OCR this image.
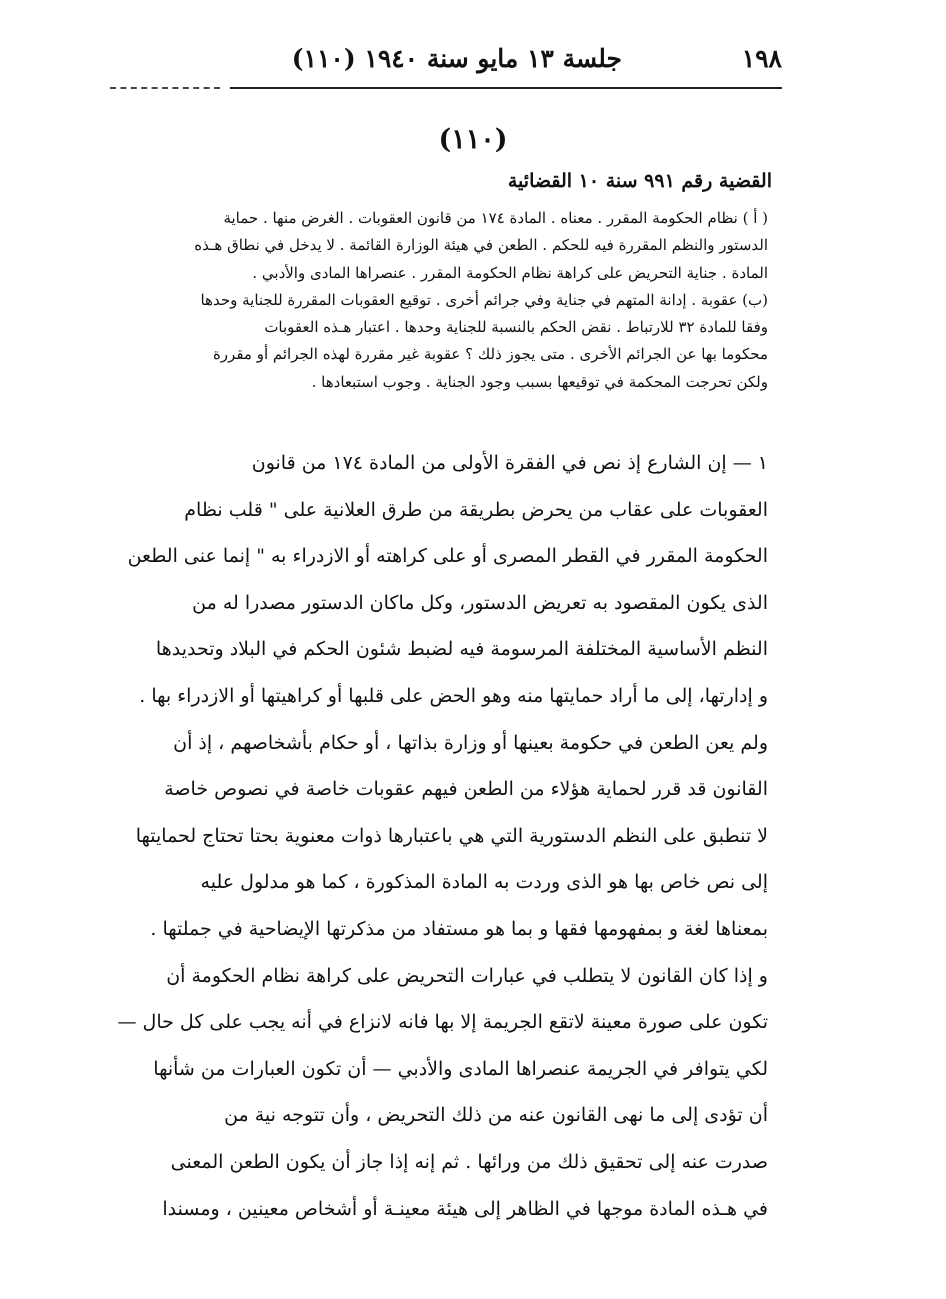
١٩٨
جلسة ١٣ مايو سنة ١٩٤٠ (١١٠)
(١١٠)
القضية رقم ٩٩١ سنة ١٠ القضائية
( أ ) نظام الحكومة المقرر . معناه . المادة ١٧٤ من قانون العقوبات . الغرض منها . حماية
الدستور والنظم المقررة فيه للحكم . الطعن في هيئة الوزارة القائمة . لا يدخل في نطاق هـذه
المادة . جناية التحريض على كراهة نظام الحكومة المقرر . عنصراها المادى والأدبي .
(ب) عقوبة . إدانة المتهم في جناية وفي جرائم أخرى . توقيع العقوبات المقررة للجناية وحدها
وفقا للمادة ٣٢ للارتباط . نقض الحكم بالنسبة للجناية وحدها . اعتبار هـذه العقوبات
محكوما بها عن الجرائم الأخرى . متى يجوز ذلك ؟ عقوبة غير مقررة لهذه الجرائم أو مقررة
ولكن تحرجت المحكمة في توقيعها بسبب وجود الجناية . وجوب استبعادها .
١ — إن الشارع إذ نص في الفقرة الأولى من المادة ١٧٤ من قانون
العقوبات على عقاب من يحرض بطريقة من طرق العلانية على " قلب نظام
الحكومة المقرر في القطر المصرى أو على كراهته أو الازدراء به " إنما عنى الطعن
الذى يكون المقصود به تعريض الدستور، وكل ماكان الدستور مصدرا له من
النظم الأساسية المختلفة المرسومة فيه لضبط شئون الحكم في البلاد وتحديدها
و إدارتها، إلى ما أراد حمايتها منه وهو الحض على قلبها أو كراهيتها أو الازدراء بها .
ولم يعن الطعن في حكومة بعينها أو وزارة بذاتها ، أو حكام بأشخاصهم ، إذ أن
القانون قد قرر لحماية هؤلاء من الطعن فيهم عقوبات خاصة في نصوص خاصة
لا تنطبق على النظم الدستورية التي هي باعتبارها ذوات معنوية بحتا تحتاج لحمايتها
إلى نص خاص بها هو الذى وردت به المادة المذكورة ، كما هو مدلول عليه
بمعناها لغة و بمفهومها فقها و بما هو مستفاد من مذكرتها الإيضاحية في جملتها .
و إذا كان القانون لا يتطلب في عبارات التحريض على كراهة نظام الحكومة أن
تكون على صورة معينة لاتقع الجريمة إلا بها فانه لانزاع في أنه يجب على كل حال —
لكي يتوافر في الجريمة عنصراها المادى والأدبي — أن تكون العبارات من شأنها
أن تؤدى إلى ما نهى القانون عنه من ذلك التحريض ، وأن تتوجه نية من
صدرت عنه إلى تحقيق ذلك من ورائها . ثم إنه إذا جاز أن يكون الطعن المعنى
في هـذه المادة موجها في الظاهر إلى هيئة معينـة أو أشخاص معينين ، ومسندا
